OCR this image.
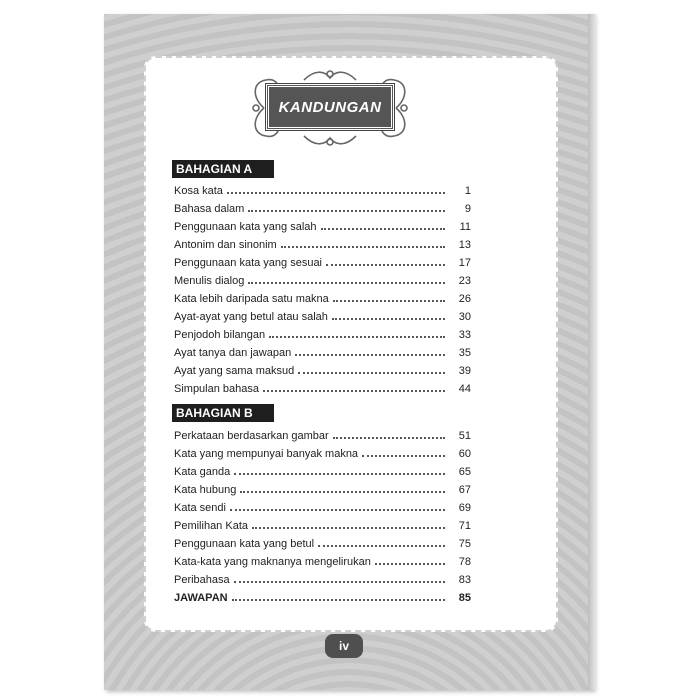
KANDUNGAN
BAHAGIAN A
Kosa kata	1
Bahasa dalam	9
Penggunaan kata yang salah	11
Antonim dan sinonim	13
Penggunaan kata yang sesuai	17
Menulis dialog	23
Kata lebih daripada satu makna	26
Ayat-ayat yang betul atau salah	30
Penjodoh bilangan	33
Ayat tanya dan jawapan	35
Ayat yang sama maksud	39
Simpulan bahasa	44
BAHAGIAN B
Perkataan berdasarkan gambar	51
Kata yang mempunyai banyak makna	60
Kata ganda	65
Kata hubung	67
Kata sendi	69
Pemilihan Kata	71
Penggunaan kata yang betul	75
Kata-kata yang maknanya mengelirukan	78
Peribahasa	83
JAWAPAN	85
iv
